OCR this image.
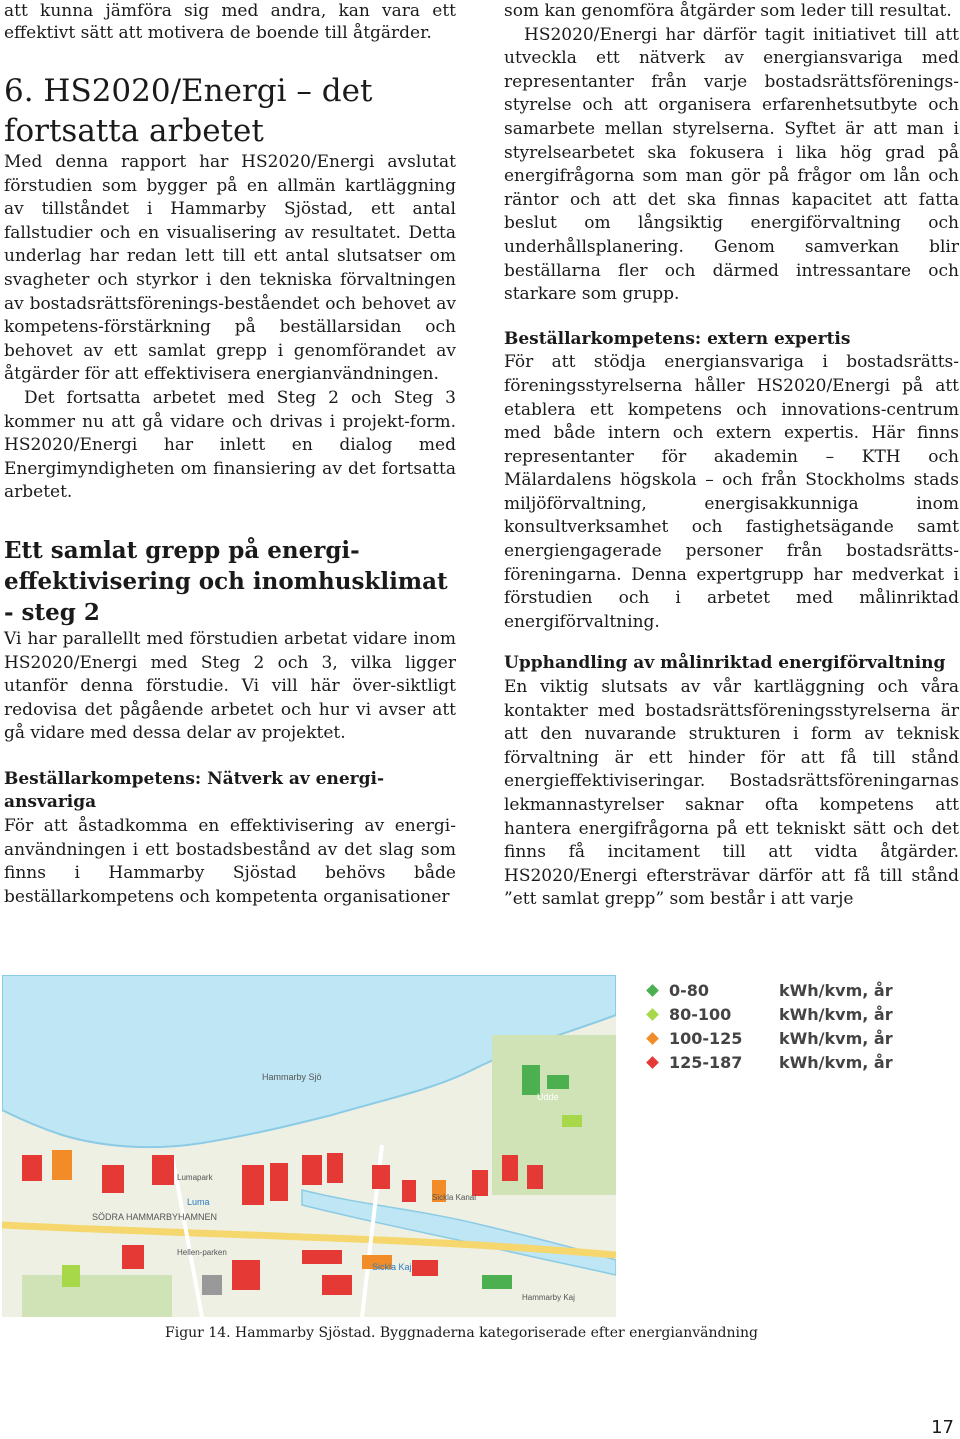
att kunna jämföra sig med andra, kan vara ett effektivt sätt att motivera de boende till åtgärder.

6. HS2020/Energi – det fortsatta arbetet

Med denna rapport har HS2020/Energi avslutat förstudien som bygger på en allmän kartläggning av tillståndet i Hammarby Sjöstad, ett antal fallstudier och en visualisering av resultatet. Detta underlag har redan lett till ett antal slutsatser om svagheter och styrkor i den tekniska förvaltningen av bostadsrättsförenings-beståendet och behovet av kompetens-förstärkning på beställarsidan och behovet av ett samlat grepp i genomförandet av åtgärder för att effektivisera energianvändningen.

Det fortsatta arbetet med Steg 2 och Steg 3 kommer nu att gå vidare och drivas i projekt-form. HS2020/Energi har inlett en dialog med Energimyndigheten om finansiering av det fortsatta arbetet.

Ett samlat grepp på energi-effektivisering och inomhusklimat - steg 2

Vi har parallellt med förstudien arbetat vidare inom HS2020/Energi med Steg 2 och 3, vilka ligger utanför denna förstudie. Vi vill här över-siktligt redovisa det pågående arbetet och hur vi avser att gå vidare med dessa delar av projektet.

Beställarkompetens: Nätverk av energi-ansvariga

För att åstadkomma en effektivisering av energi-användningen i ett bostadsbestånd av det slag som finns i Hammarby Sjöstad behövs både beställarkompetens och kompetenta organisationer

som kan genomföra åtgärder som leder till resultat.

HS2020/Energi har därför tagit initiativet till att utveckla ett nätverk av energiansvariga med representanter från varje bostadsrättsförenings-styrelse och att organisera erfarenhetsutbyte och samarbete mellan styrelserna. Syftet är att man i styrelsearbetet ska fokusera i lika hög grad på energifrågorna som man gör på frågor om lån och räntor och att det ska finnas kapacitet att fatta beslut om långsiktig energiförvaltning och underhållsplanering. Genom samverkan blir beställarna fler och därmed intressantare och starkare som grupp.

Beställarkompetens: extern expertis

För att stödja energiansvariga i bostadsrätts-föreningsstyrelserna håller HS2020/Energi på att etablera ett kompetens och innovations-centrum med både intern och extern expertis. Här finns representanter för akademin – KTH och Mälardalens högskola – och från Stockholms stads miljöförvaltning, energisakkunniga inom konsultverksamhet och fastighetsägande samt energiengagerade personer från bostadsrätts-föreningarna. Denna expertgrupp har medverkat i förstudien och i arbetet med målinriktad energiförvaltning.

Upphandling av målinriktad energiförvaltning

En viktig slutsats av vår kartläggning och våra kontakter med bostadsrättsföreningsstyrelserna är att den nuvarande strukturen i form av teknisk förvaltning är ett hinder för att få till stånd energieffektiviseringar. Bostadsrättsföreningarnas lekmannastyrelser saknar ofta kompetens att hantera energifrågorna på ett tekniskt sätt och det finns få incitament till att vidta åtgärder. HS2020/Energi eftersträvar därför att få till stånd ”ett samlat grepp” som består i att varje

Hammarby Sjö
Udde
Luma
SÖDRA HAMMARBYHAMNEN
Sickla Kaj
Sickla Kanal
Lumapark
Hellen-parken
Hammarby Kaj
0-80	kWh/kvm, år
80-100	kWh/kvm, år
100-125	kWh/kvm, år
125-187	kWh/kvm, år
Figur 14. Hammarby Sjöstad. Byggnaderna kategoriserade efter energianvändning
17
